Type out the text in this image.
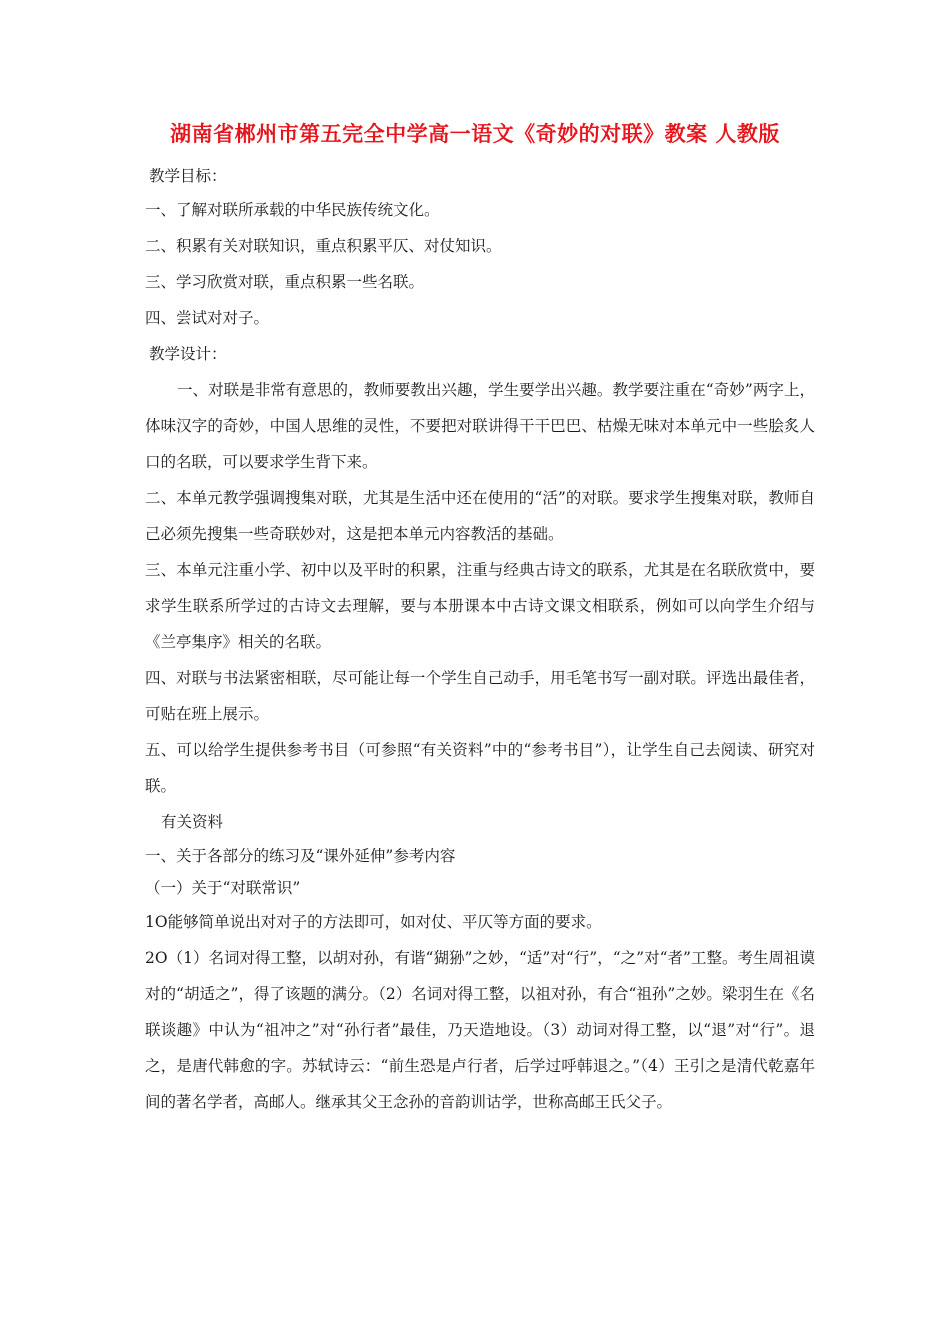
湖南省郴州市第五完全中学高一语文《奇妙的对联》教案 人教版

教学目标：

一、了解对联所承载的中华民族传统文化。

二、积累有关对联知识，重点积累平仄、对仗知识。

三、学习欣赏对联，重点积累一些名联。

四、尝试对对子。

教学设计：

一、对联是非常有意思的，教师要教出兴趣，学生要学出兴趣。教学要注重在“奇妙”两字上，体味汉字的奇妙，中国人思维的灵性，不要把对联讲得干干巴巴、枯燥无味对本单元中一些脍炙人口的名联，可以要求学生背下来。

二、本单元教学强调搜集对联，尤其是生活中还在使用的“活”的对联。要求学生搜集对联，教师自己必须先搜集一些奇联妙对，这是把本单元内容教活的基础。

三、本单元注重小学、初中以及平时的积累，注重与经典古诗文的联系，尤其是在名联欣赏中，要求学生联系所学过的古诗文去理解，要与本册课本中古诗文课文相联系，例如可以向学生介绍与《兰亭集序》相关的名联。

四、对联与书法紧密相联，尽可能让每一个学生自己动手，用毛笔书写一副对联。评选出最佳者，可贴在班上展示。

五、可以给学生提供参考书目（可参照“有关资料”中的“参考书目”），让学生自己去阅读、研究对联。

有关资料

一、关于各部分的练习及“课外延伸”参考内容

（一）关于“对联常识”

1O能够简单说出对对子的方法即可，如对仗、平仄等方面的要求。

2O（1）名词对得工整，以胡对孙，有谐“猢狲”之妙，“适”对“行”，“之”对“者”工整。考生周祖谟对的“胡适之”，得了该题的满分。（2）名词对得工整，以祖对孙，有合“祖孙”之妙。梁羽生在《名联谈趣》中认为“祖冲之”对“孙行者”最佳，乃天造地设。（3）动词对得工整，以“退”对“行”。退之，是唐代韩愈的字。苏轼诗云：“前生恐是卢行者，后学过呼韩退之。”（4）王引之是清代乾嘉年间的著名学者，高邮人。继承其父王念孙的音韵训诂学，世称高邮王氏父子。
